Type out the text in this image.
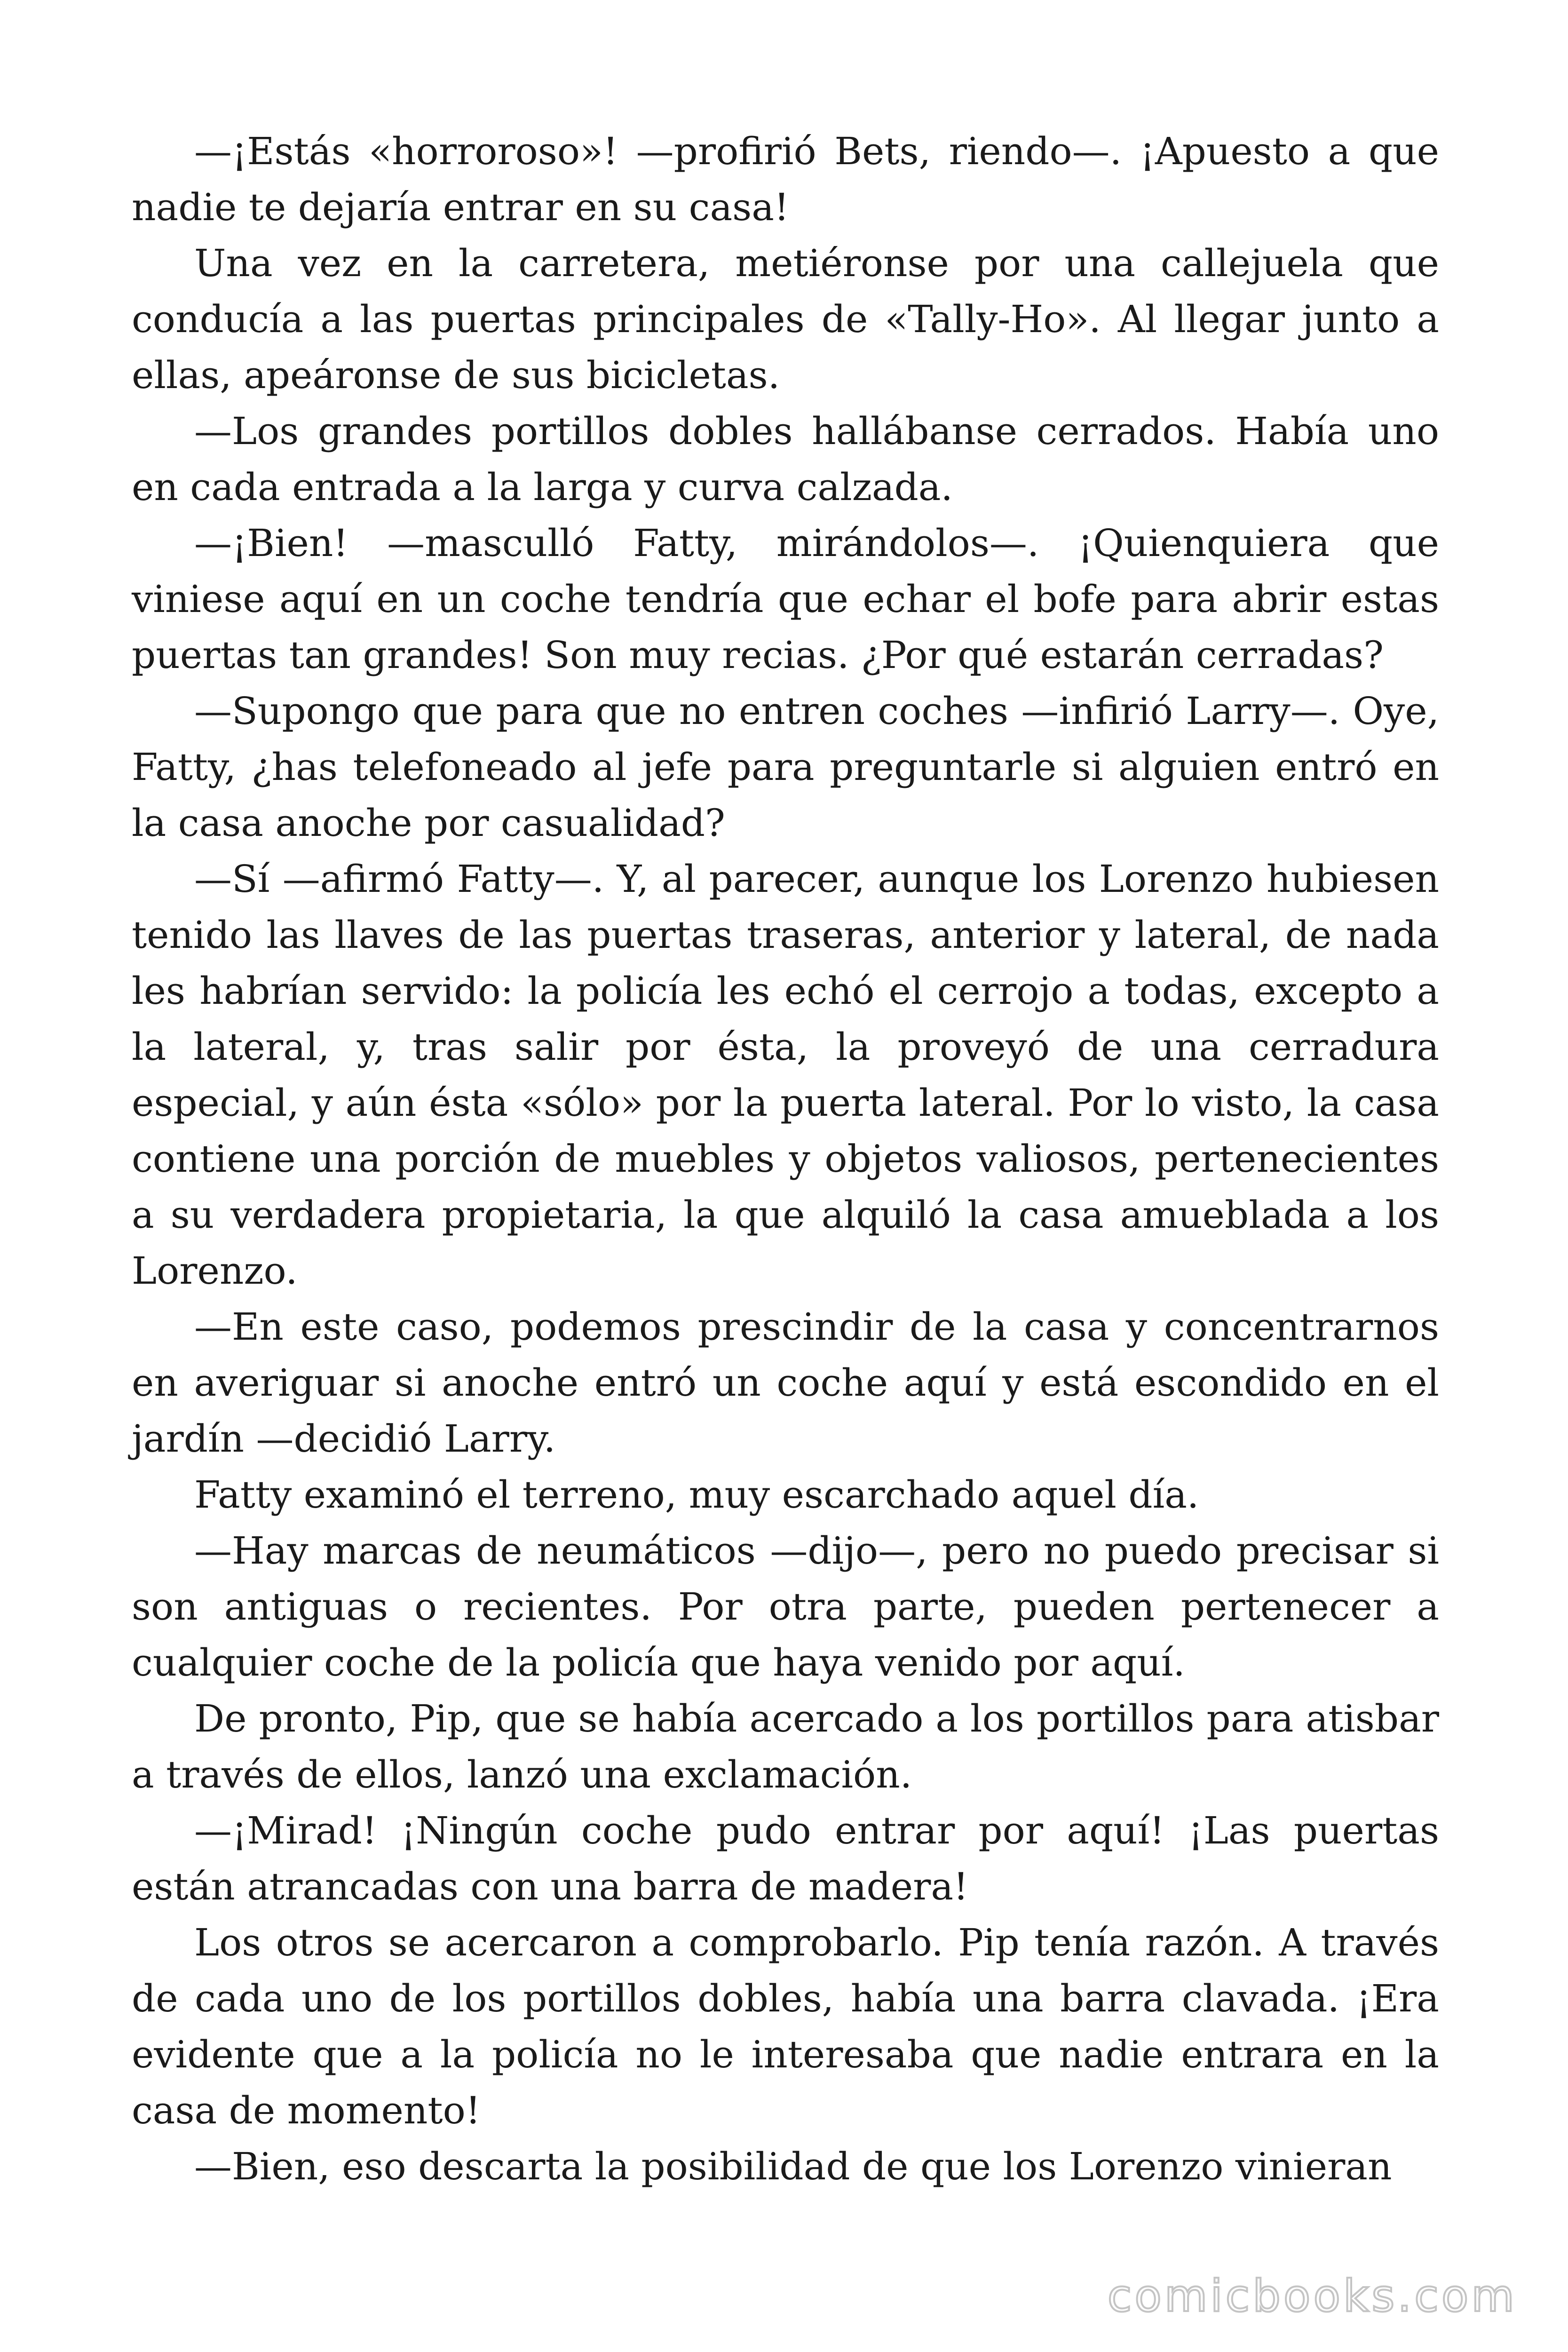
—¡Estás «horroroso»! —profirió Bets, riendo—. ¡Apuesto a que nadie te dejaría entrar en su casa!

Una vez en la carretera, metiéronse por una callejuela que conducía a las puertas principales de «Tally-Ho». Al llegar junto a ellas, apeáronse de sus bicicletas.

—Los grandes portillos dobles hallábanse cerrados. Había uno en cada entrada a la larga y curva calzada.

—¡Bien! —masculló Fatty, mirándolos—. ¡Quienquiera que viniese aquí en un coche tendría que echar el bofe para abrir estas puertas tan grandes! Son muy recias. ¿Por qué estarán cerradas?

—Supongo que para que no entren coches —infirió Larry—. Oye, Fatty, ¿has telefoneado al jefe para preguntarle si alguien entró en la casa anoche por casualidad?

—Sí —afirmó Fatty—. Y, al parecer, aunque los Lorenzo hubiesen tenido las llaves de las puertas traseras, anterior y lateral, de nada les habrían servido: la policía les echó el cerrojo a todas, excepto a la lateral, y, tras salir por ésta, la proveyó de una cerradura especial, y aún ésta «sólo» por la puerta lateral. Por lo visto, la casa contiene una porción de muebles y objetos valiosos, pertenecientes a su verdadera propietaria, la que alquiló la casa amueblada a los Lorenzo.

—En este caso, podemos prescindir de la casa y concentrarnos en averiguar si anoche entró un coche aquí y está escondido en el jardín —decidió Larry.

Fatty examinó el terreno, muy escarchado aquel día.

—Hay marcas de neumáticos —dijo—, pero no puedo precisar si son antiguas o recientes. Por otra parte, pueden pertenecer a cualquier coche de la policía que haya venido por aquí.

De pronto, Pip, que se había acercado a los portillos para atisbar a través de ellos, lanzó una exclamación.

—¡Mirad! ¡Ningún coche pudo entrar por aquí! ¡Las puertas están atrancadas con una barra de madera!

Los otros se acercaron a comprobarlo. Pip tenía razón. A través de cada uno de los portillos dobles, había una barra clavada. ¡Era evidente que a la policía no le interesaba que nadie entrara en la casa de momento!

—Bien, eso descarta la posibilidad de que los Lorenzo vinieran

comicbooks.com
